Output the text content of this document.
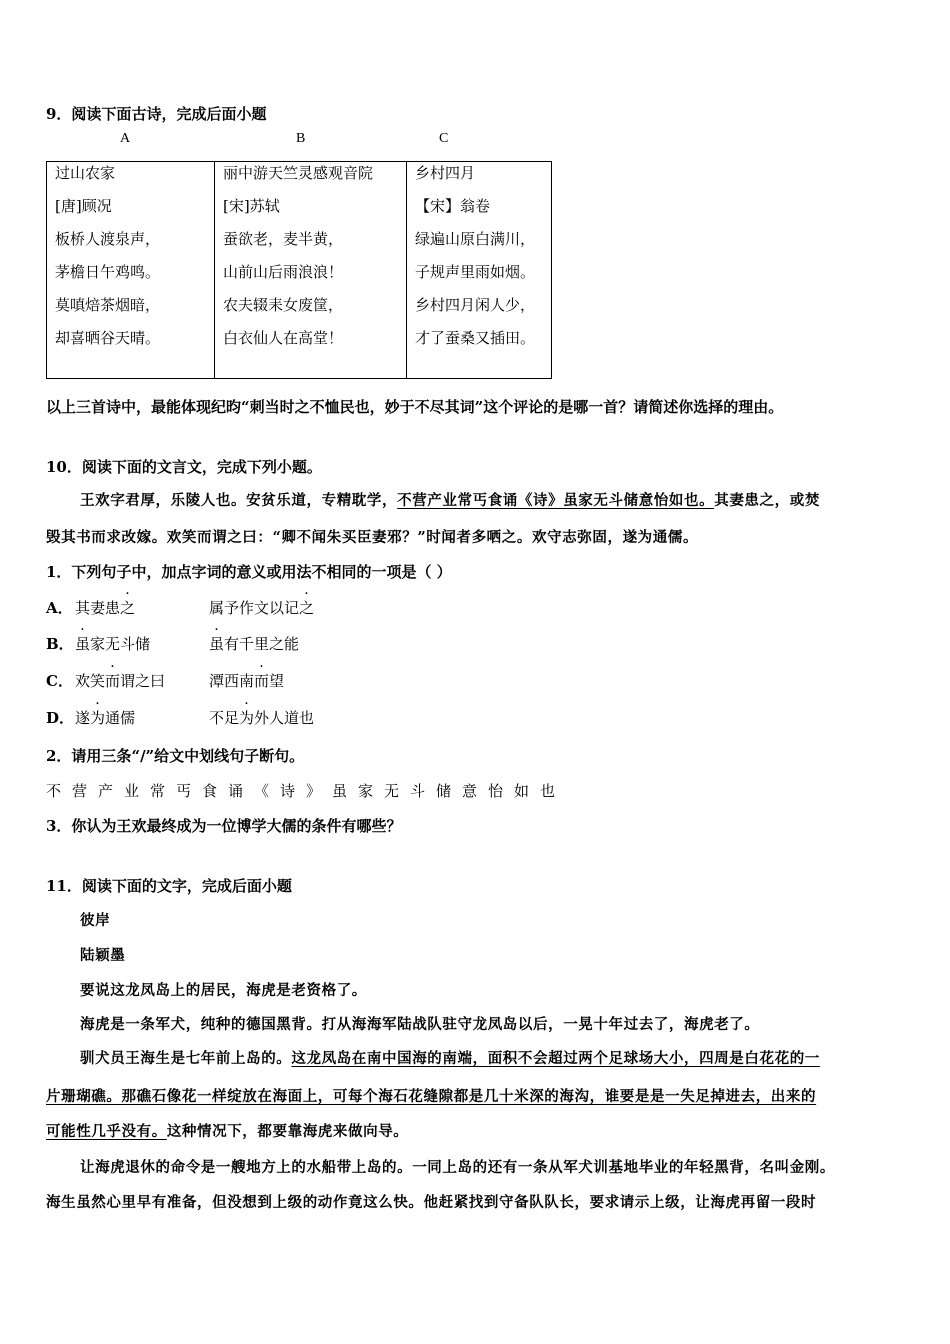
9．阅读下面古诗，完成后面小题
A	B	C
过山农家
[唐]顾况
板桥人渡泉声，
茅檐日午鸡鸣。
莫嗔焙茶烟暗，
却喜晒谷天晴。

丽中游天竺灵感观音院
[宋]苏轼
蚕欲老，麦半黄，
山前山后雨浪浪！
农夫辍耒女废筐，
白衣仙人在高堂！

乡村四月
【宋】翁卷
绿遍山原白满川，
子规声里雨如烟。
乡村四月闲人少，
才了蚕桑又插田。
以上三首诗中，最能体现纪昀“刺当时之不恤民也，妙于不尽其词”这个评论的是哪一首？请简述你选择的理由。
10．阅读下面的文言文，完成下列小题。
王欢字君厚，乐陵人也。安贫乐道，专精耽学，不营产业常丐食诵《诗》虽家无斗储意怡如也。其妻患之，或焚
毁其书而求改嫁。欢笑而谓之曰：“卿不闻朱买臣妻邪？”时闻者多哂之。欢守志弥固，遂为通儒。
1．下列句子中，加点字词的意义或用法不相同的一项是（ ）
A． 其妻患之	属予作文以记之
B． 虽家无斗储	虽有千里之能
C． 欢笑而谓之曰	潭西南而望
D． 遂为通儒	不足为外人道也
2．请用三条“/”给文中划线句子断句。
不营产业常丐食诵《诗》虽家无斗储意怡如也
3．你认为王欢最终成为一位博学大儒的条件有哪些？
11．阅读下面的文字，完成后面小题
彼岸
陆颖墨
要说这龙凤岛上的居民，海虎是老资格了。
海虎是一条军犬，纯种的德国黑背。打从海海军陆战队驻守龙凤岛以后，一晃十年过去了，海虎老了。
驯犬员王海生是七年前上岛的。这龙凤岛在南中国海的南端，面积不会超过两个足球场大小，四周是白花花的一
片珊瑚礁。那礁石像花一样绽放在海面上，可每个海石花缝隙都是几十米深的海沟，谁要是是一失足掉进去，出来的
可能性几乎没有。这种情况下，都要靠海虎来做向导。
让海虎退休的命令是一艘地方上的水船带上岛的。一同上岛的还有一条从军犬训基地毕业的年轻黑背，名叫金刚。
海生虽然心里早有准备，但没想到上级的动作竟这么快。他赶紧找到守备队队长，要求请示上级，让海虎再留一段时
